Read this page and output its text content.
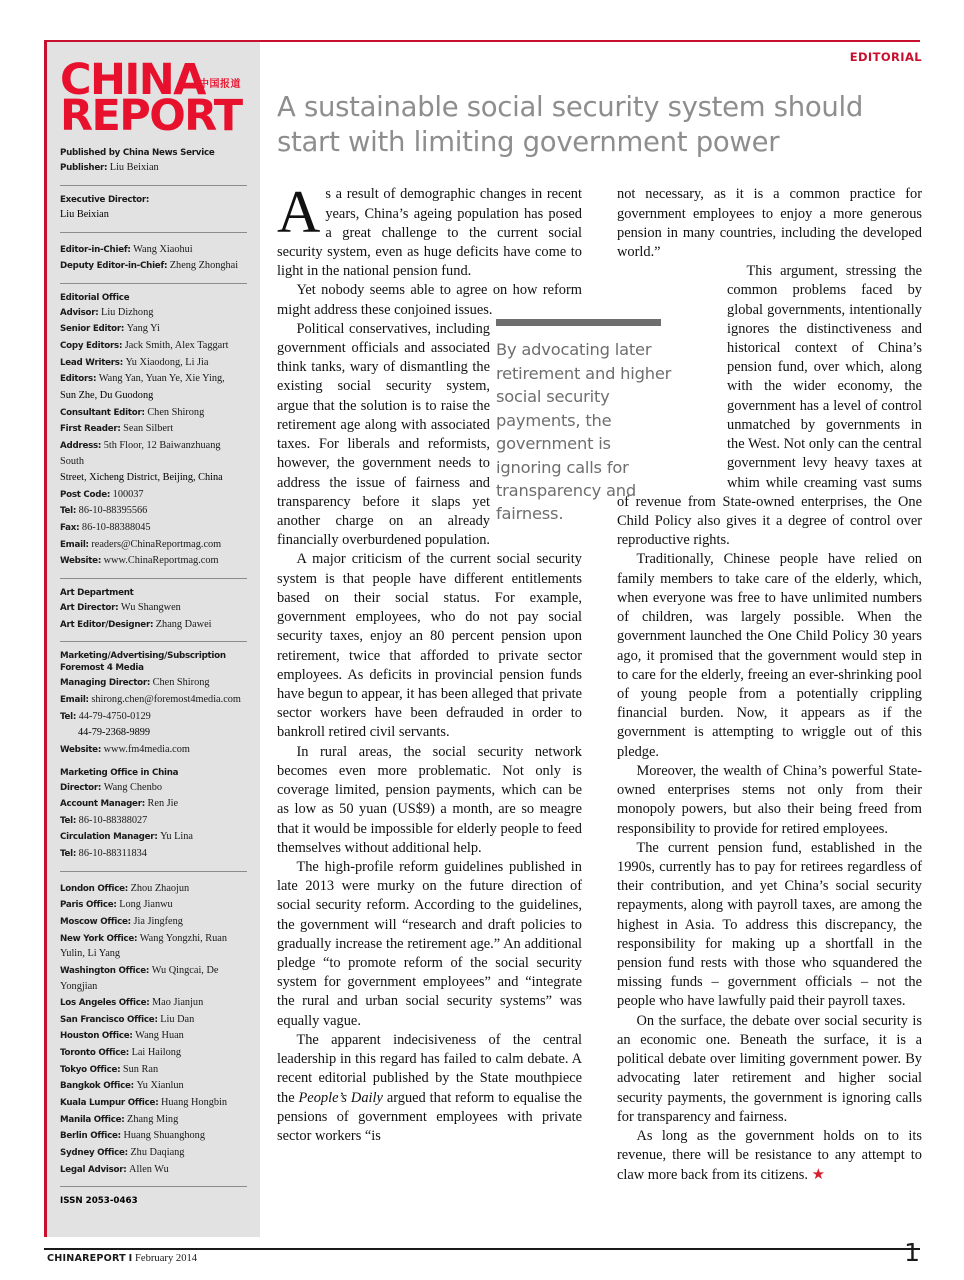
CHINA
REPORT
中国报道
Published by China News Service
Publisher: Liu Beixian
Executive Director:
Liu Beixian
Editor-in-Chief: Wang Xiaohui
Deputy Editor-in-Chief: Zheng Zhonghai
Editorial Office
Advisor: Liu Dizhong
Senior Editor: Yang Yi
Copy Editors: Jack Smith, Alex Taggart
Lead Writers: Yu Xiaodong, Li Jia
Editors: Wang Yan, Yuan Ye, Xie Ying,
Sun Zhe, Du Guodong
Consultant Editor: Chen Shirong
First Reader: Sean Silbert
Address: 5th Floor, 12 Baiwanzhuang South
Street, Xicheng District, Beijing, China
Post Code: 100037
Tel: 86-10-88395566
Fax: 86-10-88388045
Email: readers@ChinaReportmag.com
Website: www.ChinaReportmag.com
Art Department
Art Director: Wu Shangwen
Art Editor/Designer: Zhang Dawei
Marketing/Advertising/Subscription
Foremost 4 Media
Managing Director: Chen Shirong
Email: shirong.chen@foremost4media.com
Tel: 44-79-4750-0129
44-79-2368-9899
Website: www.fm4media.com
Marketing Office in China
Director: Wang Chenbo
Account Manager: Ren Jie
Tel: 86-10-88388027
Circulation Manager: Yu Lina
Tel: 86-10-88311834
London Office: Zhou Zhaojun
Paris Office: Long Jianwu
Moscow Office: Jia Jingfeng
New York Office: Wang Yongzhi, Ruan Yulin, Li Yang
Washington Office: Wu Qingcai, De Yongjian
Los Angeles Office: Mao Jianjun
San Francisco Office: Liu Dan
Houston Office: Wang Huan
Toronto Office: Lai Hailong
Tokyo Office: Sun Ran
Bangkok Office: Yu Xianlun
Kuala Lumpur Office: Huang Hongbin
Manila Office: Zhang Ming
Berlin Office: Huang Shuanghong
Sydney Office: Zhu Daqiang
Legal Advisor: Allen Wu
ISSN 2053-0463
EDITORIAL
A sustainable social security system should start with limiting government power
By advocating later retirement and higher social security payments, the government is ignoring calls for transparency and fairness.

As a result of demographic changes in recent years, China’s ageing population has posed a great challenge to the current social security system, even as huge deficits have come to light in the national pension fund.

Yet nobody seems able to agree on how reform might address these conjoined issues.

Political conservatives, including government officials and associated think tanks, wary of dismantling the existing social security system, argue that the solution is to raise the retirement age along with associated taxes. For liberals and reformists, however, the government needs to address the issue of fairness and transparency before it slaps yet another charge on an already financially overburdened population.

A major criticism of the current social security system is that people have different entitlements based on their social status. For example, government employees, who do not pay social security taxes, enjoy an 80 percent pension upon retirement, twice that afforded to private sector employees. As deficits in provincial pension funds have begun to appear, it has been alleged that private sector workers have been defrauded in order to bankroll retired civil servants.

In rural areas, the social security network becomes even more problematic. Not only is coverage limited, pension payments, which can be as low as 50 yuan (US$9) a month, are so meagre that it would be impossible for elderly people to feed themselves without additional help.

The high-profile reform guidelines published in late 2013 were murky on the future direction of social security reform. According to the guidelines, the government will “research and draft policies to gradually increase the retirement age.” An additional pledge “to promote reform of the social security system for government employees” and “integrate the rural and urban social security systems” was equally vague.

The apparent indecisiveness of the central leadership in this regard has failed to calm debate. A recent editorial published by the State mouthpiece the People’s Daily argued that reform to equalise the pensions of government employees with private sector workers “is

not necessary, as it is a common practice for government employees to enjoy a more generous pension in many countries, including the developed world.”

This argument, stressing the common problems faced by global governments, intentionally ignores the distinctiveness and historical context of China’s pension fund, over which, along with the wider economy, the government has a level of control unmatched by governments in the West. Not only can the central government levy heavy taxes at whim while creaming vast sums of revenue from State-owned enterprises, the One Child Policy also gives it a degree of control over reproductive rights.

Traditionally, Chinese people have relied on family members to take care of the elderly, which, when everyone was free to have unlimited numbers of children, was largely possible. When the government launched the One Child Policy 30 years ago, it promised that the government would step in to care for the elderly, freeing an ever-shrinking pool of young people from a potentially crippling financial burden. Now, it appears as if the government is attempting to wriggle out of this pledge.

Moreover, the wealth of China’s powerful State-owned enterprises stems not only from their monopoly powers, but also their being freed from responsibility to provide for retired employees.

The current pension fund, established in the 1990s, currently has to pay for retirees regardless of their contribution, and yet China’s social security repayments, along with payroll taxes, are among the highest in Asia. To address this discrepancy, the responsibility for making up a shortfall in the pension fund rests with those who squandered the missing funds – government officials – not the people who have lawfully paid their payroll taxes.

On the surface, the debate over social security is an economic one. Beneath the surface, it is a political debate over limiting government power. By advocating later retirement and higher social security payments, the government is ignoring calls for transparency and fairness.

As long as the government holds on to its revenue, there will be resistance to any attempt to claw more back from its citizens. ★

CHINAREPORT I February 2014	1
